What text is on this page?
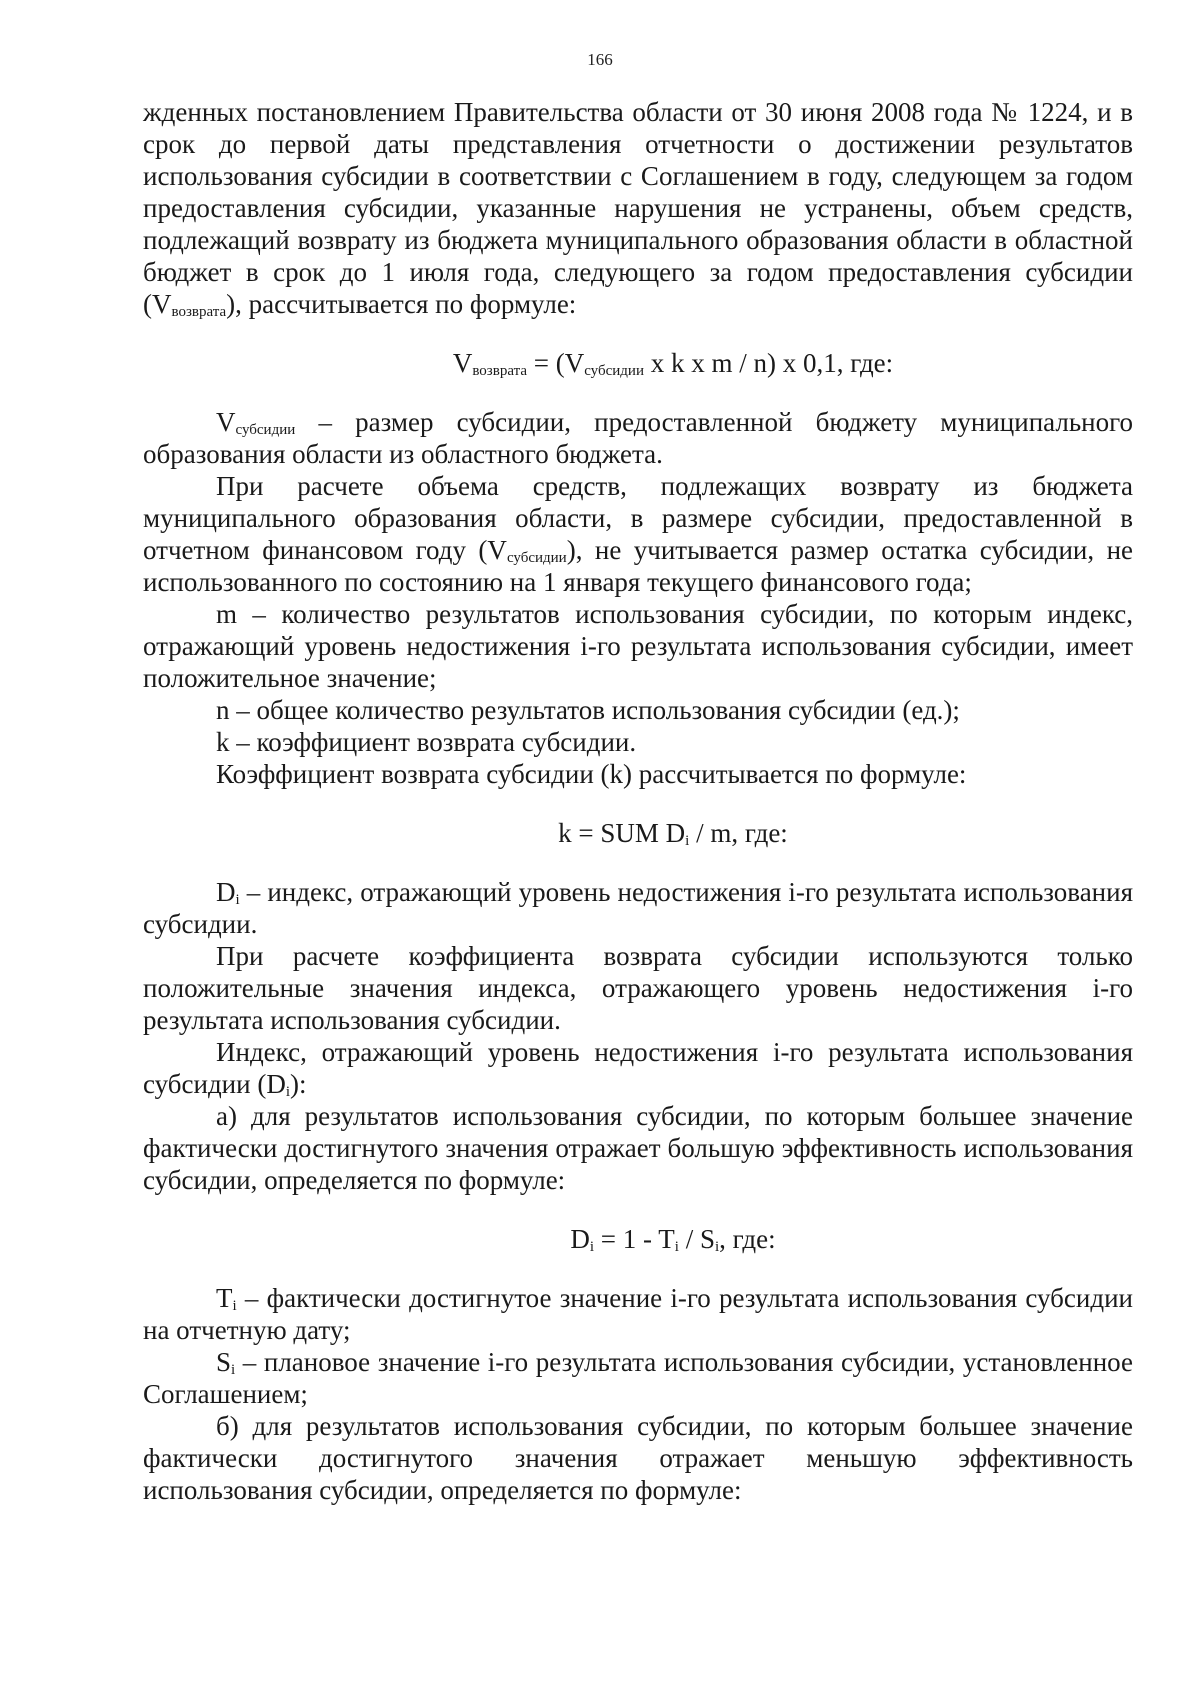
166

жденных постановлением Правительства области от 30 июня 2008 года № 1224, и в срок до первой даты представления отчетности о достижении результатов использования субсидии в соответствии с Соглашением в году, следующем за годом предоставления субсидии, указанные нарушения не устранены, объем средств, подлежащий возврату из бюджета муниципального образования области в областной бюджет в срок до 1 июля года, следующего за годом предоставления субсидии $(V_{возврата})$, рассчитывается по формуле:

$V_{возврата} = (V_{субсидии}$ x k x m / n) x 0,1, где:

$V_{субсидии}$ – размер субсидии, предоставленной бюджету муниципального образования области из областного бюджета.

При расчете объема средств, подлежащих возврату из бюджета муниципального образования области, в размере субсидии, предоставленной в отчетном финансовом году $(V_{субсидии})$, не учитывается размер остатка субсидии, не использованного по состоянию на 1 января текущего финансового года;

m – количество результатов использования субсидии, по которым индекс, отражающий уровень недостижения i-го результата использования субсидии, имеет положительное значение;

n – общее количество результатов использования субсидии (ед.);

k – коэффициент возврата субсидии.

Коэффициент возврата субсидии (k) рассчитывается по формуле:

k = SUM $D_i$ / m, где:

$D_i$ – индекс, отражающий уровень недостижения i-го результата использования субсидии.

При расчете коэффициента возврата субсидии используются только положительные значения индекса, отражающего уровень недостижения i-го результата использования субсидии.

Индекс, отражающий уровень недостижения i-го результата использования субсидии $(D_i)$:

а) для результатов использования субсидии, по которым большее значение фактически достигнутого значения отражает большую эффективность использования субсидии, определяется по формуле:

$D_i = 1 - T_i / S_i$, где:

$T_i$ – фактически достигнутое значение i-го результата использования субсидии на отчетную дату;

$S_i$ – плановое значение i-го результата использования субсидии, установленное Соглашением;

б) для результатов использования субсидии, по которым большее значение фактически достигнутого значения отражает меньшую эффективность использования субсидии, определяется по формуле:
